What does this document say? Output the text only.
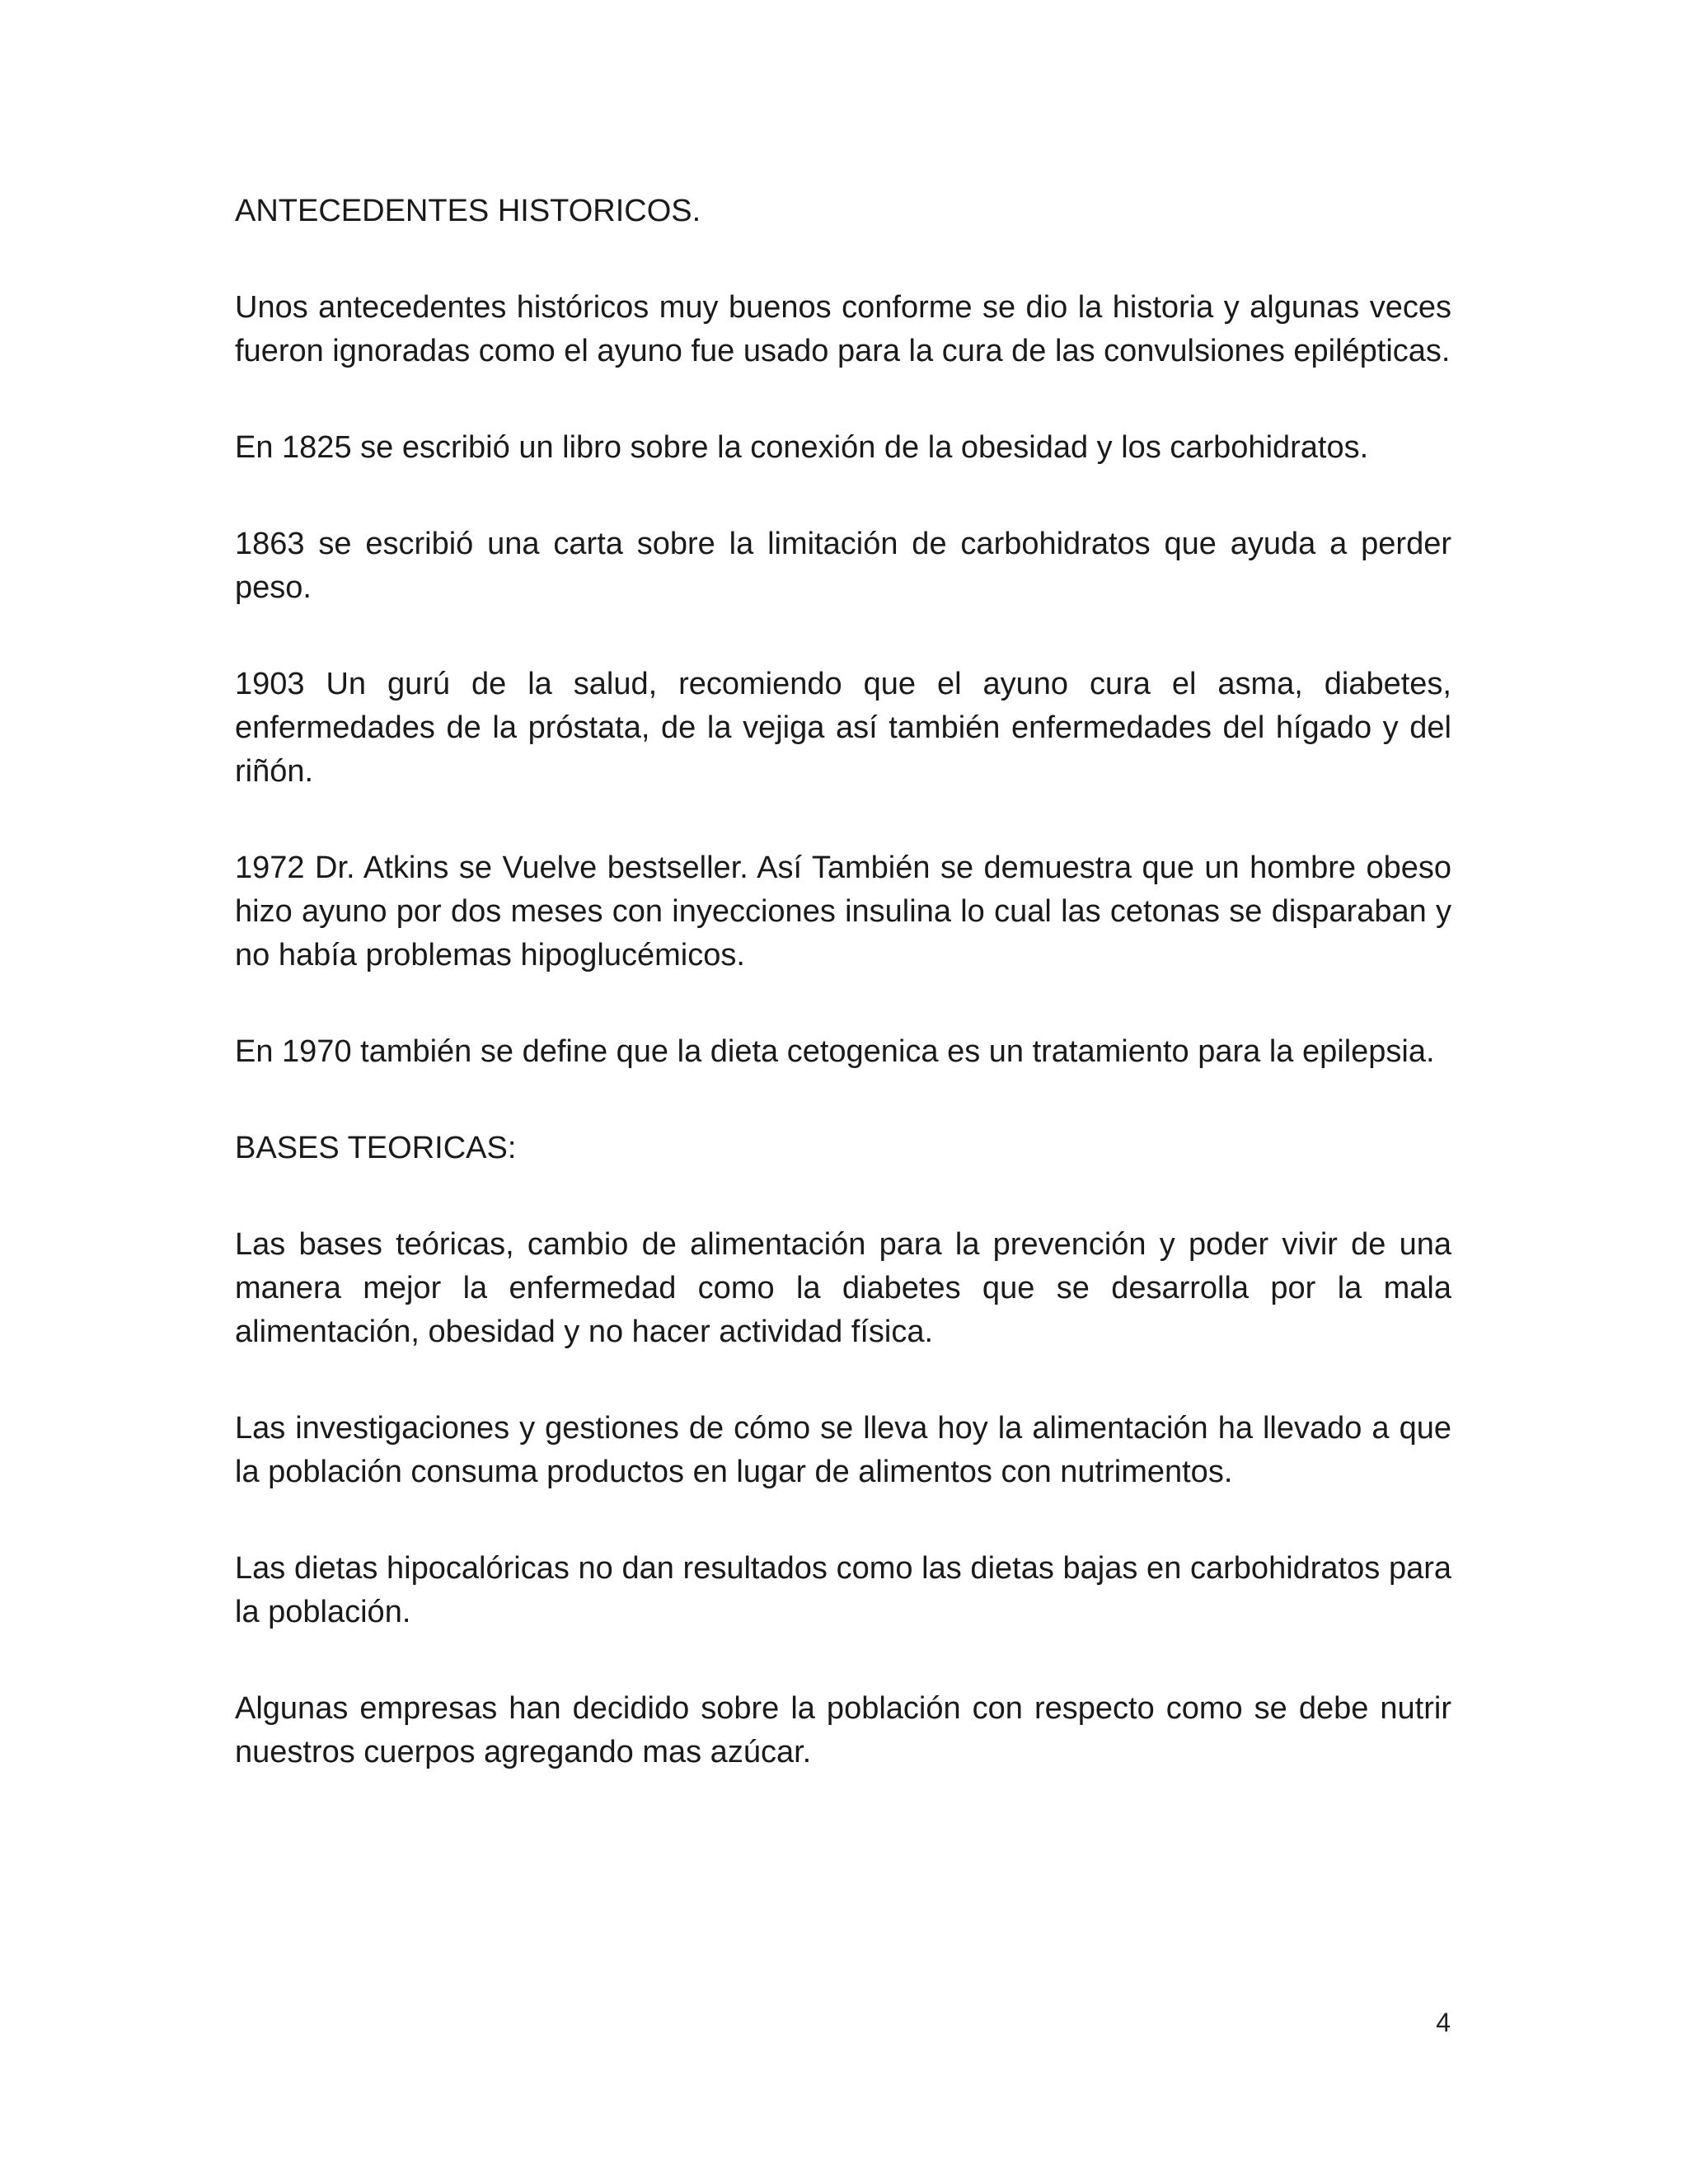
ANTECEDENTES HISTORICOS.

Unos antecedentes históricos muy buenos conforme se dio la historia y algunas veces fueron ignoradas como el ayuno fue usado para la cura de las convulsiones epilépticas.

En 1825 se escribió un libro sobre la conexión de la obesidad y los carbohidratos.

1863 se escribió una carta sobre la limitación de carbohidratos que ayuda a perder peso.

1903 Un gurú de la salud, recomiendo que el ayuno cura el asma, diabetes, enfermedades de la próstata, de la vejiga así también enfermedades del hígado y del riñón.

1972 Dr. Atkins se Vuelve bestseller. Así También se demuestra que un hombre obeso hizo ayuno por dos meses con inyecciones insulina lo cual las cetonas se disparaban y no había problemas hipoglucémicos.

En 1970 también se define que la dieta cetogenica es un tratamiento para la epilepsia.

BASES TEORICAS:

Las bases teóricas, cambio de alimentación para la prevención y poder vivir de una manera mejor la enfermedad como la diabetes que se desarrolla por la mala alimentación, obesidad y no hacer actividad física.

Las investigaciones y gestiones de cómo se lleva hoy la alimentación ha llevado a que la población consuma productos en lugar de alimentos con nutrimentos.

Las dietas hipocalóricas no dan resultados como las dietas bajas en carbohidratos para la población.

Algunas empresas han decidido sobre la población con respecto como se debe nutrir nuestros cuerpos agregando mas azúcar.

4
